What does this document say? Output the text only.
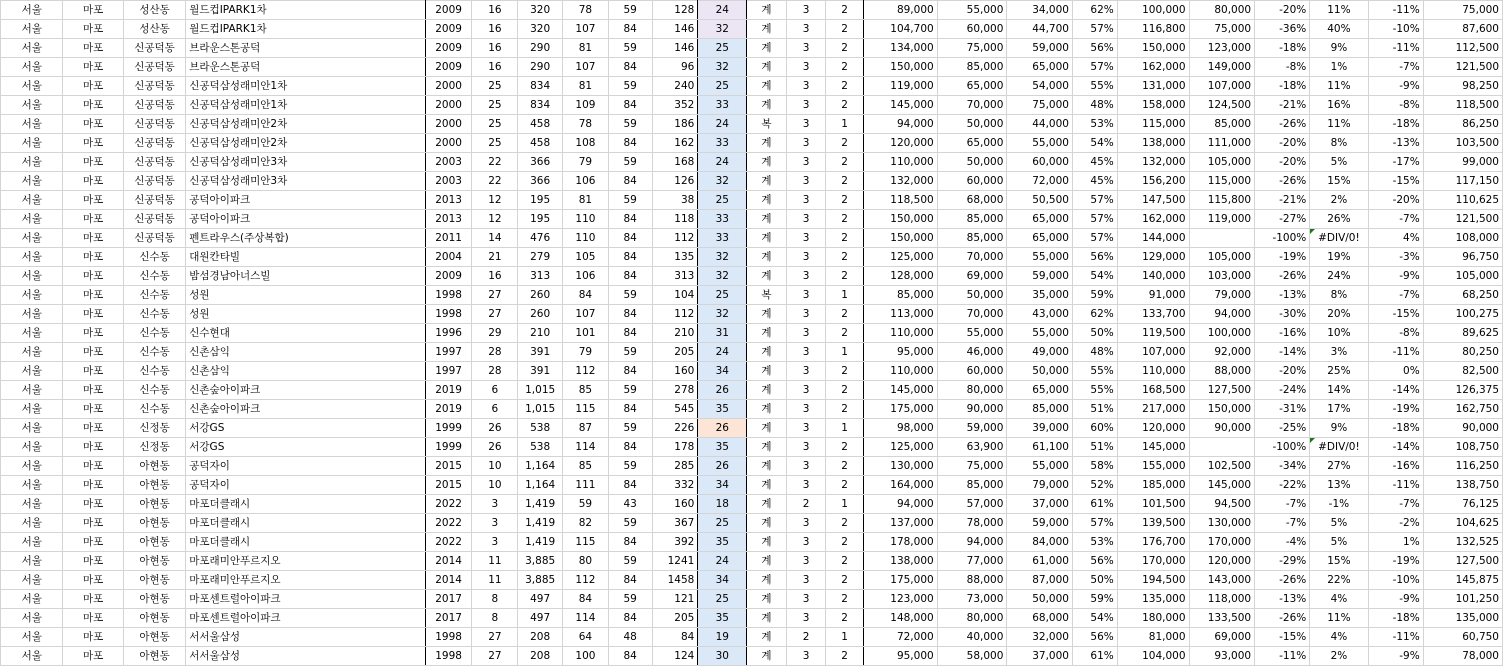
서울	마포	성산동	월드컵IPARK1차	2009	16	320	78	59	128	24	계	3	2	89,000	55,000	34,000	62%	100,000	80,000	-20%	11%	-11%	75,000
서울	마포	성산동	월드컵IPARK1차	2009	16	320	107	84	146	32	계	3	2	104,700	60,000	44,700	57%	116,800	75,000	-36%	40%	-10%	87,600
서울	마포	신공덕동	브라운스톤공덕	2009	16	290	81	59	146	25	계	3	2	134,000	75,000	59,000	56%	150,000	123,000	-18%	9%	-11%	112,500
서울	마포	신공덕동	브라운스톤공덕	2009	16	290	107	84	96	32	계	3	2	150,000	85,000	65,000	57%	162,000	149,000	-8%	1%	-7%	121,500
서울	마포	신공덕동	신공덕삼성래미안1차	2000	25	834	81	59	240	25	계	3	2	119,000	65,000	54,000	55%	131,000	107,000	-18%	11%	-9%	98,250
서울	마포	신공덕동	신공덕삼성래미안1차	2000	25	834	109	84	352	33	계	3	2	145,000	70,000	75,000	48%	158,000	124,500	-21%	16%	-8%	118,500
서울	마포	신공덕동	신공덕삼성래미안2차	2000	25	458	78	59	186	24	복	3	1	94,000	50,000	44,000	53%	115,000	85,000	-26%	11%	-18%	86,250
서울	마포	신공덕동	신공덕삼성래미안2차	2000	25	458	108	84	162	33	계	3	2	120,000	65,000	55,000	54%	138,000	111,000	-20%	8%	-13%	103,500
서울	마포	신공덕동	신공덕삼성래미안3차	2003	22	366	79	59	168	24	계	3	2	110,000	50,000	60,000	45%	132,000	105,000	-20%	5%	-17%	99,000
서울	마포	신공덕동	신공덕삼성래미안3차	2003	22	366	106	84	126	32	계	3	2	132,000	60,000	72,000	45%	156,200	115,000	-26%	15%	-15%	117,150
서울	마포	신공덕동	공덕아이파크	2013	12	195	81	59	38	25	계	3	2	118,500	68,000	50,500	57%	147,500	115,800	-21%	2%	-20%	110,625
서울	마포	신공덕동	공덕아이파크	2013	12	195	110	84	118	33	계	3	2	150,000	85,000	65,000	57%	162,000	119,000	-27%	26%	-7%	121,500
서울	마포	신공덕동	펜트라우스(주상복합)	2011	14	476	110	84	112	33	계	3	2	150,000	85,000	65,000	57%	144,000		-100%	#DIV/0!	4%	108,000
서울	마포	신수동	대원칸타빌	2004	21	279	105	84	135	32	계	3	2	125,000	70,000	55,000	56%	129,000	105,000	-19%	19%	-3%	96,750
서울	마포	신수동	밤섬경남아너스빌	2009	16	313	106	84	313	32	계	3	2	128,000	69,000	59,000	54%	140,000	103,000	-26%	24%	-9%	105,000
서울	마포	신수동	성원	1998	27	260	84	59	104	25	복	3	1	85,000	50,000	35,000	59%	91,000	79,000	-13%	8%	-7%	68,250
서울	마포	신수동	성원	1998	27	260	107	84	112	32	계	3	2	113,000	70,000	43,000	62%	133,700	94,000	-30%	20%	-15%	100,275
서울	마포	신수동	신수현대	1996	29	210	101	84	210	31	계	3	2	110,000	55,000	55,000	50%	119,500	100,000	-16%	10%	-8%	89,625
서울	마포	신수동	신촌삼익	1997	28	391	79	59	205	24	계	3	1	95,000	46,000	49,000	48%	107,000	92,000	-14%	3%	-11%	80,250
서울	마포	신수동	신촌삼익	1997	28	391	112	84	160	34	계	3	2	110,000	60,000	50,000	55%	110,000	88,000	-20%	25%	0%	82,500
서울	마포	신수동	신촌숲아이파크	2019	6	1,015	85	59	278	26	계	3	2	145,000	80,000	65,000	55%	168,500	127,500	-24%	14%	-14%	126,375
서울	마포	신수동	신촌숲아이파크	2019	6	1,015	115	84	545	35	계	3	2	175,000	90,000	85,000	51%	217,000	150,000	-31%	17%	-19%	162,750
서울	마포	신정동	서강GS	1999	26	538	87	59	226	26	계	3	1	98,000	59,000	39,000	60%	120,000	90,000	-25%	9%	-18%	90,000
서울	마포	신정동	서강GS	1999	26	538	114	84	178	35	계	3	2	125,000	63,900	61,100	51%	145,000		-100%	#DIV/0!	-14%	108,750
서울	마포	아현동	공덕자이	2015	10	1,164	85	59	285	26	계	3	2	130,000	75,000	55,000	58%	155,000	102,500	-34%	27%	-16%	116,250
서울	마포	아현동	공덕자이	2015	10	1,164	111	84	332	34	계	3	2	164,000	85,000	79,000	52%	185,000	145,000	-22%	13%	-11%	138,750
서울	마포	아현동	마포더클래시	2022	3	1,419	59	43	160	18	계	2	1	94,000	57,000	37,000	61%	101,500	94,500	-7%	-1%	-7%	76,125
서울	마포	아현동	마포더클래시	2022	3	1,419	82	59	367	25	계	3	2	137,000	78,000	59,000	57%	139,500	130,000	-7%	5%	-2%	104,625
서울	마포	아현동	마포더클래시	2022	3	1,419	115	84	392	35	계	3	2	178,000	94,000	84,000	53%	176,700	170,000	-4%	5%	1%	132,525
서울	마포	아현동	마포래미안푸르지오	2014	11	3,885	80	59	1241	24	계	3	2	138,000	77,000	61,000	56%	170,000	120,000	-29%	15%	-19%	127,500
서울	마포	아현동	마포래미안푸르지오	2014	11	3,885	112	84	1458	34	계	3	2	175,000	88,000	87,000	50%	194,500	143,000	-26%	22%	-10%	145,875
서울	마포	아현동	마포센트럴아이파크	2017	8	497	84	59	121	25	계	3	2	123,000	73,000	50,000	59%	135,000	118,000	-13%	4%	-9%	101,250
서울	마포	아현동	마포센트럴아이파크	2017	8	497	114	84	205	35	계	3	2	148,000	80,000	68,000	54%	180,000	133,500	-26%	11%	-18%	135,000
서울	마포	아현동	서서울삼성	1998	27	208	64	48	84	19	계	2	1	72,000	40,000	32,000	56%	81,000	69,000	-15%	4%	-11%	60,750
서울	마포	아현동	서서울삼성	1998	27	208	100	84	124	30	계	3	2	95,000	58,000	37,000	61%	104,000	93,000	-11%	2%	-9%	78,000
